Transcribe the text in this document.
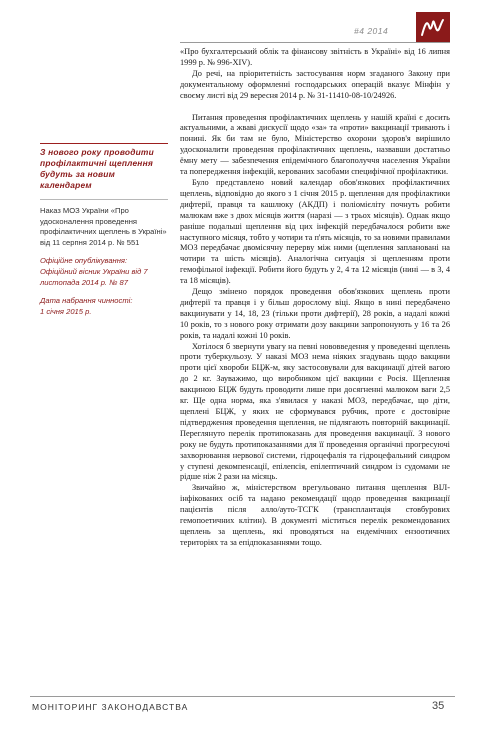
#4 2014
З нового року проводити профілактичні щеплення будуть за новим календарем
Наказ МОЗ України «Про удосконалення проведення профілактичних щеплень в Україні» від 11 серпня 2014 р. № 551
Офіційне опублікування:
Офіційний вісник України від 7 листопада 2014 р. № 87
Дата набрання чинності:
1 січня 2015 р.

«Про бухгалтерський облік та фінансову звітність в Україні» від 16 липня 1999 р. № 996-XIV).

До речі, на пріоритетність застосування норм згаданого Закону при документальному оформленні господарських операцій вказує Мінфін у своєму листі від 29 вересня 2014 р. № 31-11410-08-10/24926.

Питання проведення профілактичних щеплень у нашій країні є досить актуальними, а жваві дискусії щодо «за» та «проти» вакцинації тривають і понині. Як би там не було, Міністерство охорони здоров'я вирішило удосконалити проведення профілактичних щеплень, назвавши достатньо ёмну мету — забезпечення епідемічного благополуччя населення України та попередження інфекцій, керованих засобами специфічної профілактики.

Було представлено новий календар обов'язкових профілактичних щеплень, відповідно до якого з 1 січня 2015 р. щеплення для профілактики дифтерії, правця та кашлюку (АКДП) і поліомієліту почнуть робити малюкам вже з двох місяців життя (наразі — з трьох місяців). Однак якщо раніше подальші щеплення від цих інфекцій передбачалося робити вже наступного місяця, тобто у чотири та п'ять місяців, то за новими правилами МОЗ передбачає двомісячну перерву між ними (щеплення заплановані на чотири та шість місяців). Аналогічна ситуація зі щепленням проти гемофільної інфекції. Робити його будуть у 2, 4 та 12 місяців (нині — в 3, 4 та 18 місяців).

Дещо змінено порядок проведення обов'язкових щеплень проти дифтерії та правця і у більш дорослому віці. Якщо в нині передбачено вакцинувати у 14, 18, 23 (тільки проти дифтерії), 28 років, а надалі кожні 10 років, то з нового року отримати дозу вакцини запропонують у 16 та 26 років, та надалі кожні 10 років.

Хотілося б звернути увагу на певні нововведення у проведенні щеплень проти туберкульозу. У наказі МОЗ нема ніяких згадувань щодо вакцини проти цієї хвороби БЦЖ-м, яку застосовували для вакцинації дітей вагою до 2 кг. Зауважимо, що виробником цієї вакцини є Росія. Щеплення вакциною БЦЖ будуть проводити лише при досягненні малюком ваги 2,5 кг. Ще одна норма, яка з'явилася у наказі МОЗ, передбачає, що діти, щеплені БЦЖ, у яких не сформувався рубчик, проте є достовірне підтвердження проведення щеплення, не підлягають повторній вакцинації. Переглянуто перелік протипоказань для проведення вакцинації. З нового року не будуть протипоказаннями для її проведення органічні прогресуючі захворювання нервової системи, гідроцефалія та гідроцефальний синдром у ступені декомпенсації, епілепсія, епілептичний синдром із судомами не рідше ніж 2 рази на місяць.

Звичайно ж, міністерством врегульовано питання щеплення ВІЛ-інфікованих осіб та надано рекомендації щодо проведення вакцинації пацієнтів після алло/ауто-ТСГК (трансплантація стовбурових гемопоетичних клітин). В документі міститься перелік рекомендованих щеплень за щеплень, які проводяться на ендемічних ензоотичних територіях та за епідпоказаннями тощо.

МОНІТОРИНГ ЗАКОНОДАВСТВА	35
